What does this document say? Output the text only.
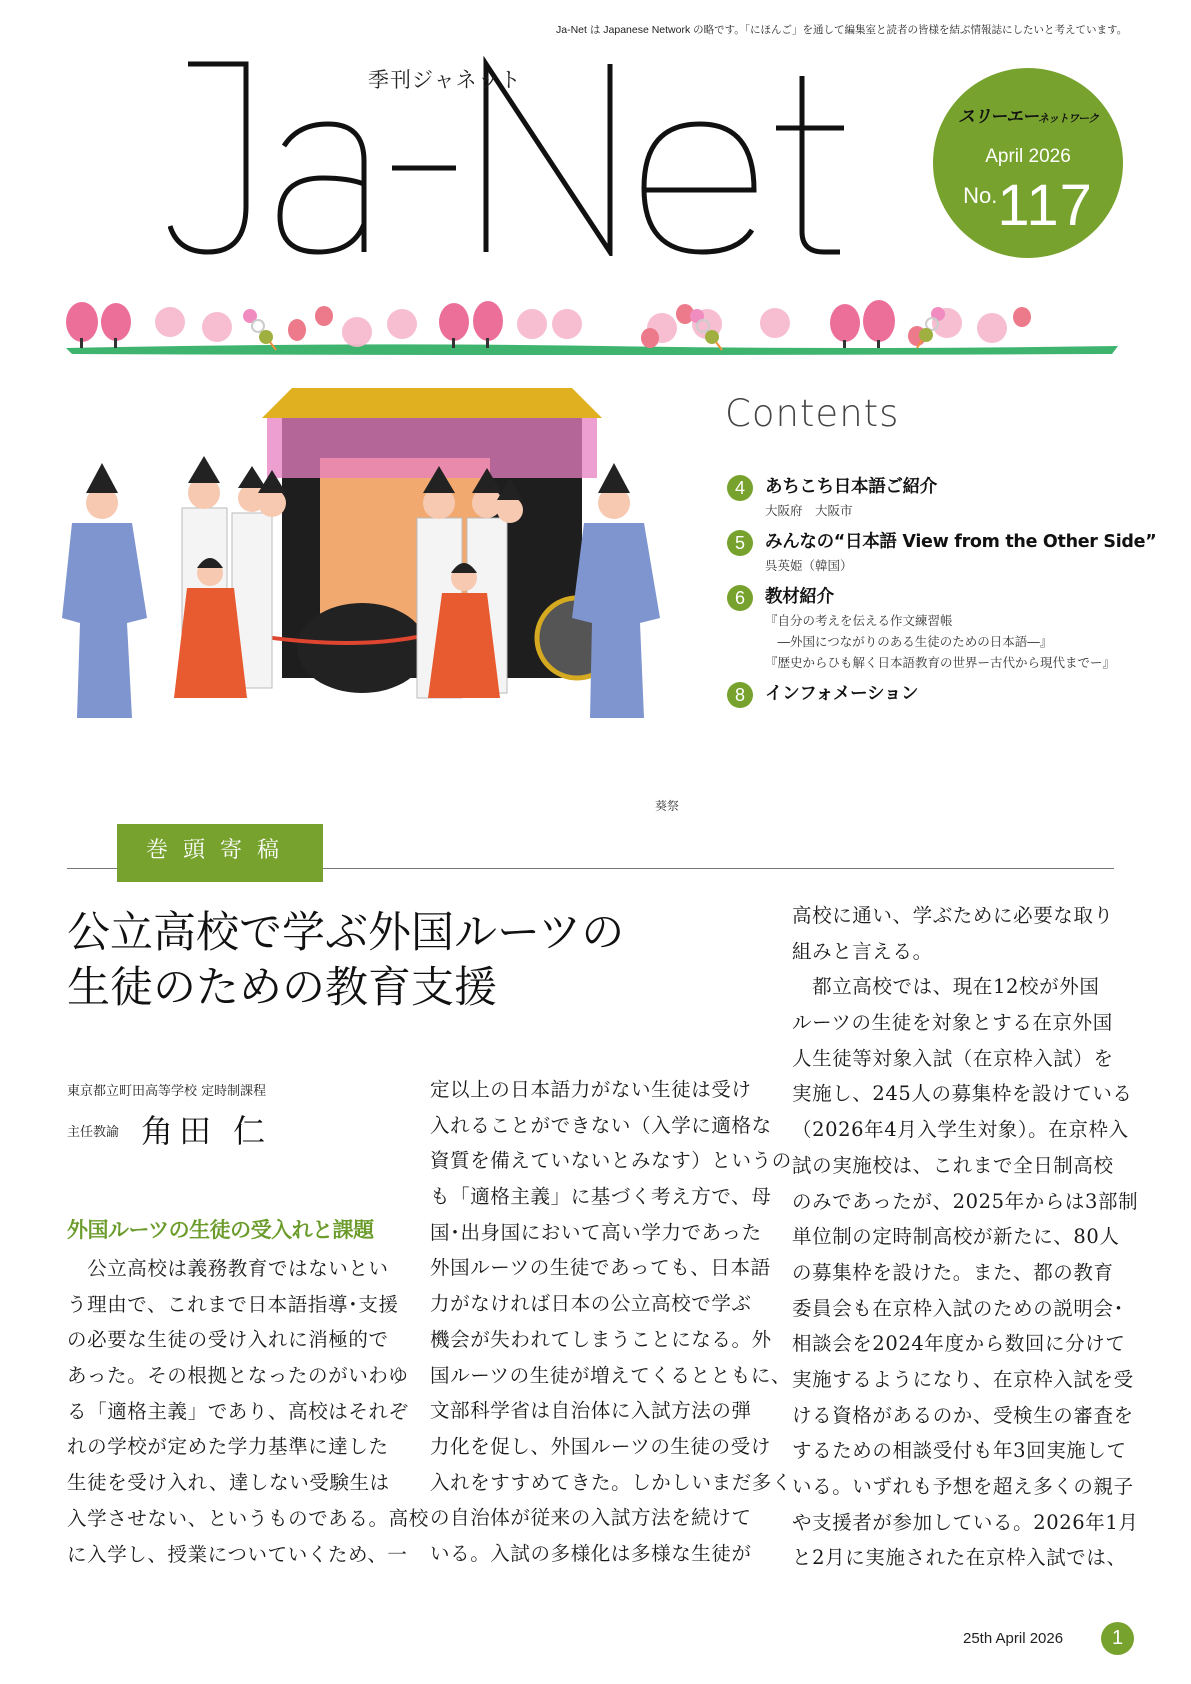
Ja-Net は Japanese Network の略です。「にほんご」を通して編集室と読者の皆様を結ぶ情報誌にしたいと考えています。
季刊ジャネット
スリーエーネットワーク
April 2026
No.117
葵祭
Contents
4	あちこち日本語ご紹介
大阪府　大阪市
5	みんなの“日本語 View from the Other Side”
呉英姫（韓国）
6	教材紹介
『自分の考えを伝える作文練習帳
　―外国につながりのある生徒のための日本語―』
『歴史からひも解く日本語教育の世界ー古代から現代までー』
8	インフォメーション
巻頭寄稿
公立高校で学ぶ外国ルーツの
生徒のための教育支援
東京都立町田高等学校 定時制課程
主任教諭 角田 仁
外国ルーツの生徒の受入れと課題
　公立高校は義務教育ではないとい
う理由で、これまで日本語指導･支援
の必要な生徒の受け入れに消極的で
あった。その根拠となったのがいわゆ
る「適格主義」であり、高校はそれぞ
れの学校が定めた学力基準に達した
生徒を受け入れ、達しない受験生は
入学させない、というものである。高校
に入学し、授業についていくため、一
定以上の日本語力がない生徒は受け
入れることができない（入学に適格な
資質を備えていないとみなす）というの
も「適格主義」に基づく考え方で、母
国･出身国において高い学力であった
外国ルーツの生徒であっても、日本語
力がなければ日本の公立高校で学ぶ
機会が失われてしまうことになる。外
国ルーツの生徒が増えてくるとともに、
文部科学省は自治体に入試方法の弾
力化を促し、外国ルーツの生徒の受け
入れをすすめてきた。しかしいまだ多く
の自治体が従来の入試方法を続けて
いる。入試の多様化は多様な生徒が
高校に通い、学ぶために必要な取り
組みと言える。
　都立高校では、現在12校が外国
ルーツの生徒を対象とする在京外国
人生徒等対象入試（在京枠入試）を
実施し、245人の募集枠を設けている
（2026年4月入学生対象）。在京枠入
試の実施校は、これまで全日制高校
のみであったが、2025年からは3部制
単位制の定時制高校が新たに、80人
の募集枠を設けた。また、都の教育
委員会も在京枠入試のための説明会･
相談会を2024年度から数回に分けて
実施するようになり、在京枠入試を受
ける資格があるのか、受検生の審査を
するための相談受付も年3回実施して
いる。いずれも予想を超え多くの親子
や支援者が参加している。2026年1月
と2月に実施された在京枠入試では、
25th April 2026	1
